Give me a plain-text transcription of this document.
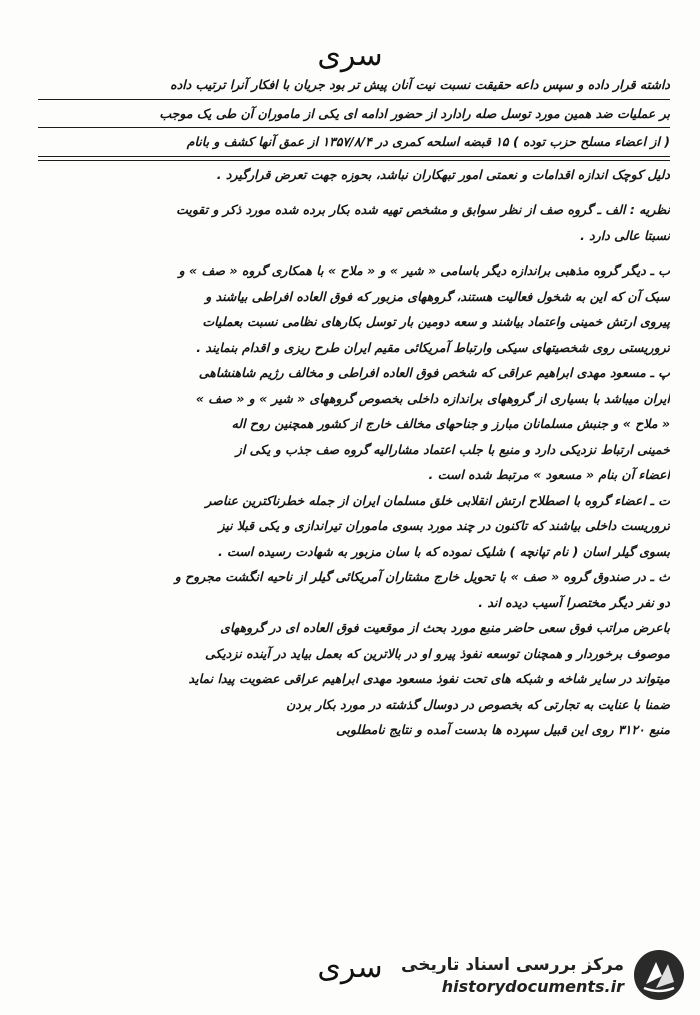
سری
داشته قرار داده و سپس داعه حقیقت نسبت نیت آنان پیش تر بود جریان با افکار آنرا ترتیب داده
بر عملیات ضد همین مورد توسل صله رادارد از حضور ادامه ای یکی از ماموران آن طی یک موجب
( از اعضاء مسلح حزب توده ) ۱۵ قبضه اسلحه کمری در ۱۳۵۷/۸/۴ از عمق آنها کشف و بانام
دلیل کوچک اندازه اقدامات و نعمتی امور تبهکاران نباشد، بحوزه جهت تعرض قرارگیرد .
نظریه : الف ـ گروه صف از نظر سوابق و مشخص تهیه شده بکار برده شده مورد ذکر و تقویت
نسبتا عالی دارد .
ب ـ دیگر گروه مذهبی براندازه دیگر باسامی « شیر » و « ملاح » با همکاری گروه « صف » و
سبک آن که این به شخول فعالیت هستند، گروههای مزبور که فوق العاده افراطی بیاشند و
پیروی ارتش خمینی واعتماد بیاشند و سعه دومین بار توسل بکارهای نظامی نسبت بعملیات
تروریستی روی شخصیتهای سیکی وارتباط آمریکائی مقیم ایران طرح ریزی و اقدام بنمایند .
پ ـ مسعود مهدی ابراهیم عراقی که شخص فوق العاده افراطی و مخالف رژیم شاهنشاهی
ایران میباشد با بسیاری از گروههای براندازه داخلی بخصوص گروههای « شیر » و « صف »
« ملاح » و جنبش مسلمانان مبارز و جناحهای مخالف خارج از کشور همچنین روح اله
خمینی ارتباط نزدیکی دارد و منبع با جلب اعتماد مشارالیه گروه صف جذب و یکی از
اعضاء آن بنام « مسعود » مرتبط شده است .
ت ـ اعضاء گروه با اصطلاح ارتش انقلابی خلق مسلمان ایران از جمله خطرناکترین عناصر
تروریست داخلی بیاشند که تاکنون در چند مورد بسوی ماموران تیراندازی و یکی قبلا نیز
بسوی گیلر اسان ( نام تپانچه ) شلیک نموده که با سان مزبور به شهادت رسیده است .
ث ـ در صندوق گروه « صف » با تحویل خارج مشتاران آمریکائی گیلر از ناحیه انگشت مجروح و
دو نفر دیگر مختصرا آسیب دیده اند .
باعرض مراتب فوق سعی حاضر منبع مورد بحث از موقعیت فوق العاده ای در گروههای
موصوف برخوردار و همچنان توسعه نفوذ پیرو او در بالاترین که بعمل بیاید در آینده نزدیکی
میتواند در سایر شاخه و شبکه های تحت نفوذ مسعود مهدی ابراهیم عراقی عضویت پیدا نماید
ضمنا با عنایت به تجارتی که بخصوص در دوسال گذشته در مورد بکار بردن
منبع ۳۱۲۰ روی این قبیل سپرده ها بدست آمده و نتایج نامطلوبی
سری	مرکز بررسی اسناد تاریخی
historydocuments.ir
